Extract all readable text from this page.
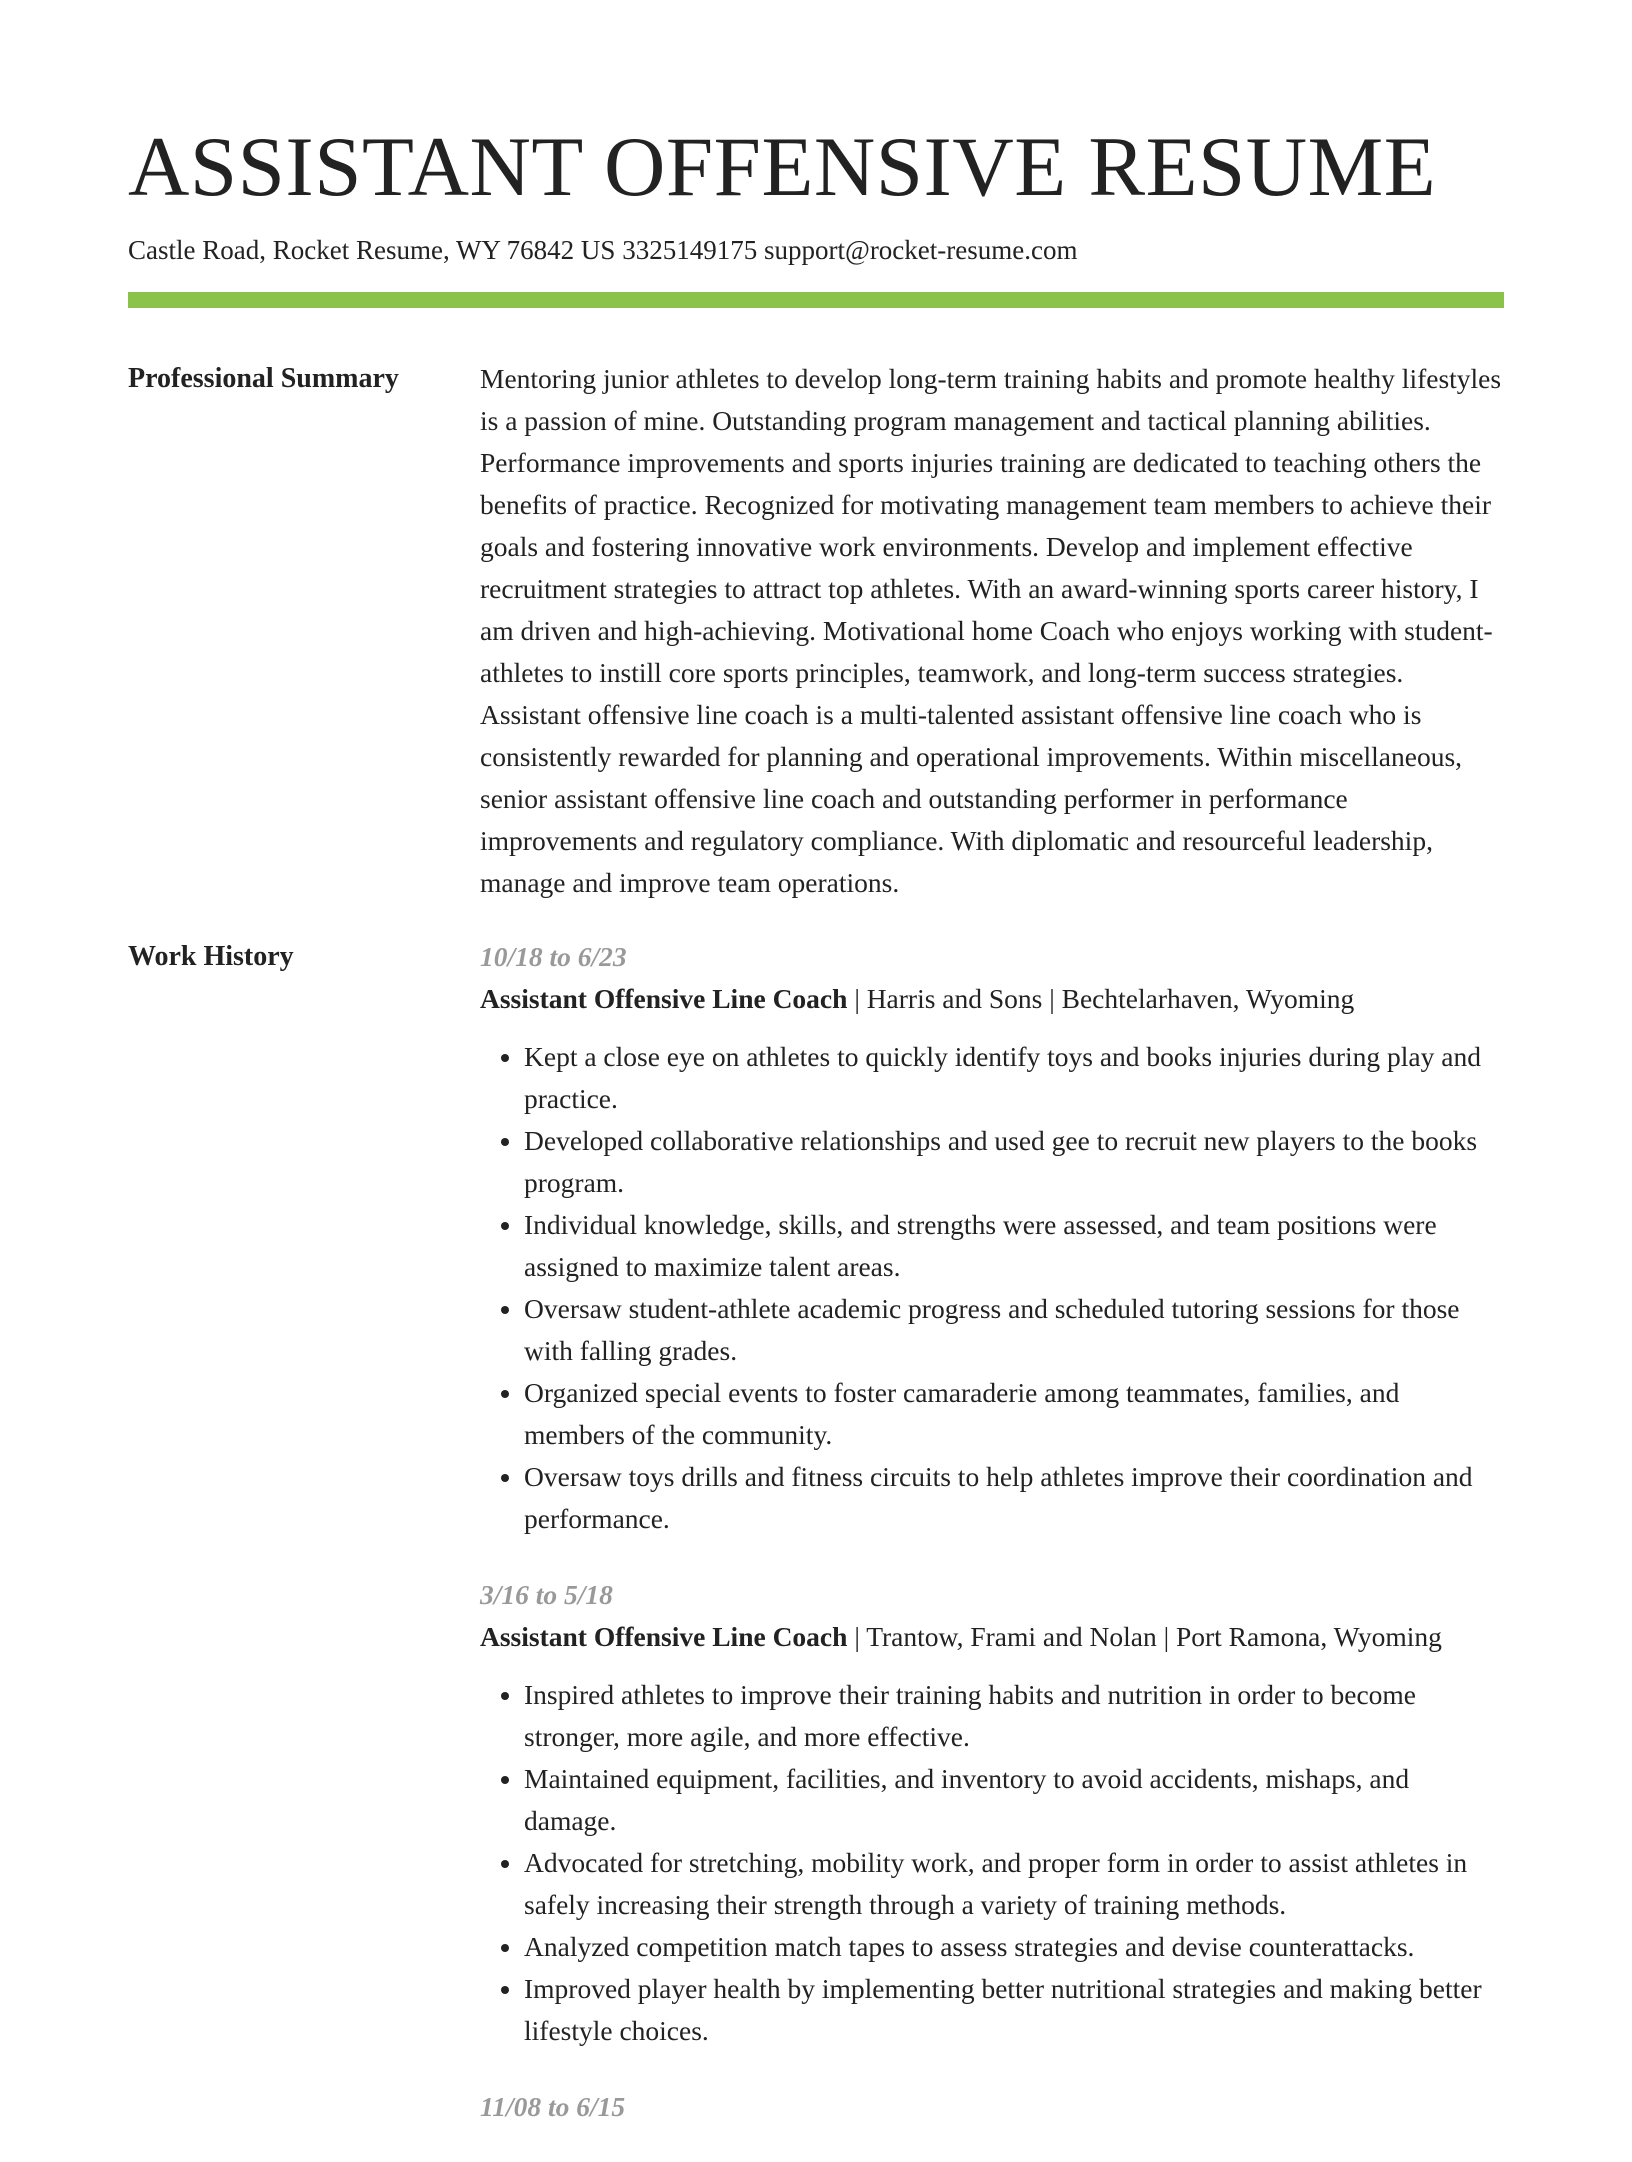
ASSISTANT OFFENSIVE RESUME
Castle Road, Rocket Resume, WY 76842 US 3325149175 support@rocket-resume.com
Professional Summary	Mentoring junior athletes to develop long-term training habits and promote healthy lifestyles is a passion of mine. Outstanding program management and tactical planning abilities. Performance improvements and sports injuries training are dedicated to teaching others the benefits of practice. Recognized for motivating management team members to achieve their goals and fostering innovative work environments. Develop and implement effective recruitment strategies to attract top athletes. With an award-winning sports career history, I am driven and high-achieving. Motivational home Coach who enjoys working with student-athletes to instill core sports principles, teamwork, and long-term success strategies. Assistant offensive line coach is a multi-talented assistant offensive line coach who is consistently rewarded for planning and operational improvements. Within miscellaneous, senior assistant offensive line coach and outstanding performer in performance improvements and regulatory compliance. With diplomatic and resourceful leadership, manage and improve team operations.

Work History	10/18 to 6/23
Assistant Offensive Line Coach | Harris and Sons | Bechtelarhaven, Wyoming
• Kept a close eye on athletes to quickly identify toys and books injuries during play and practice.
• Developed collaborative relationships and used gee to recruit new players to the books program.
• Individual knowledge, skills, and strengths were assessed, and team positions were assigned to maximize talent areas.
• Oversaw student-athlete academic progress and scheduled tutoring sessions for those with falling grades.
• Organized special events to foster camaraderie among teammates, families, and members of the community.
• Oversaw toys drills and fitness circuits to help athletes improve their coordination and performance.
3/16 to 5/18
Assistant Offensive Line Coach | Trantow, Frami and Nolan | Port Ramona, Wyoming
• Inspired athletes to improve their training habits and nutrition in order to become stronger, more agile, and more effective.
• Maintained equipment, facilities, and inventory to avoid accidents, mishaps, and damage.
• Advocated for stretching, mobility work, and proper form in order to assist athletes in safely increasing their strength through a variety of training methods.
• Analyzed competition match tapes to assess strategies and devise counterattacks.
• Improved player health by implementing better nutritional strategies and making better lifestyle choices.
11/08 to 6/15
